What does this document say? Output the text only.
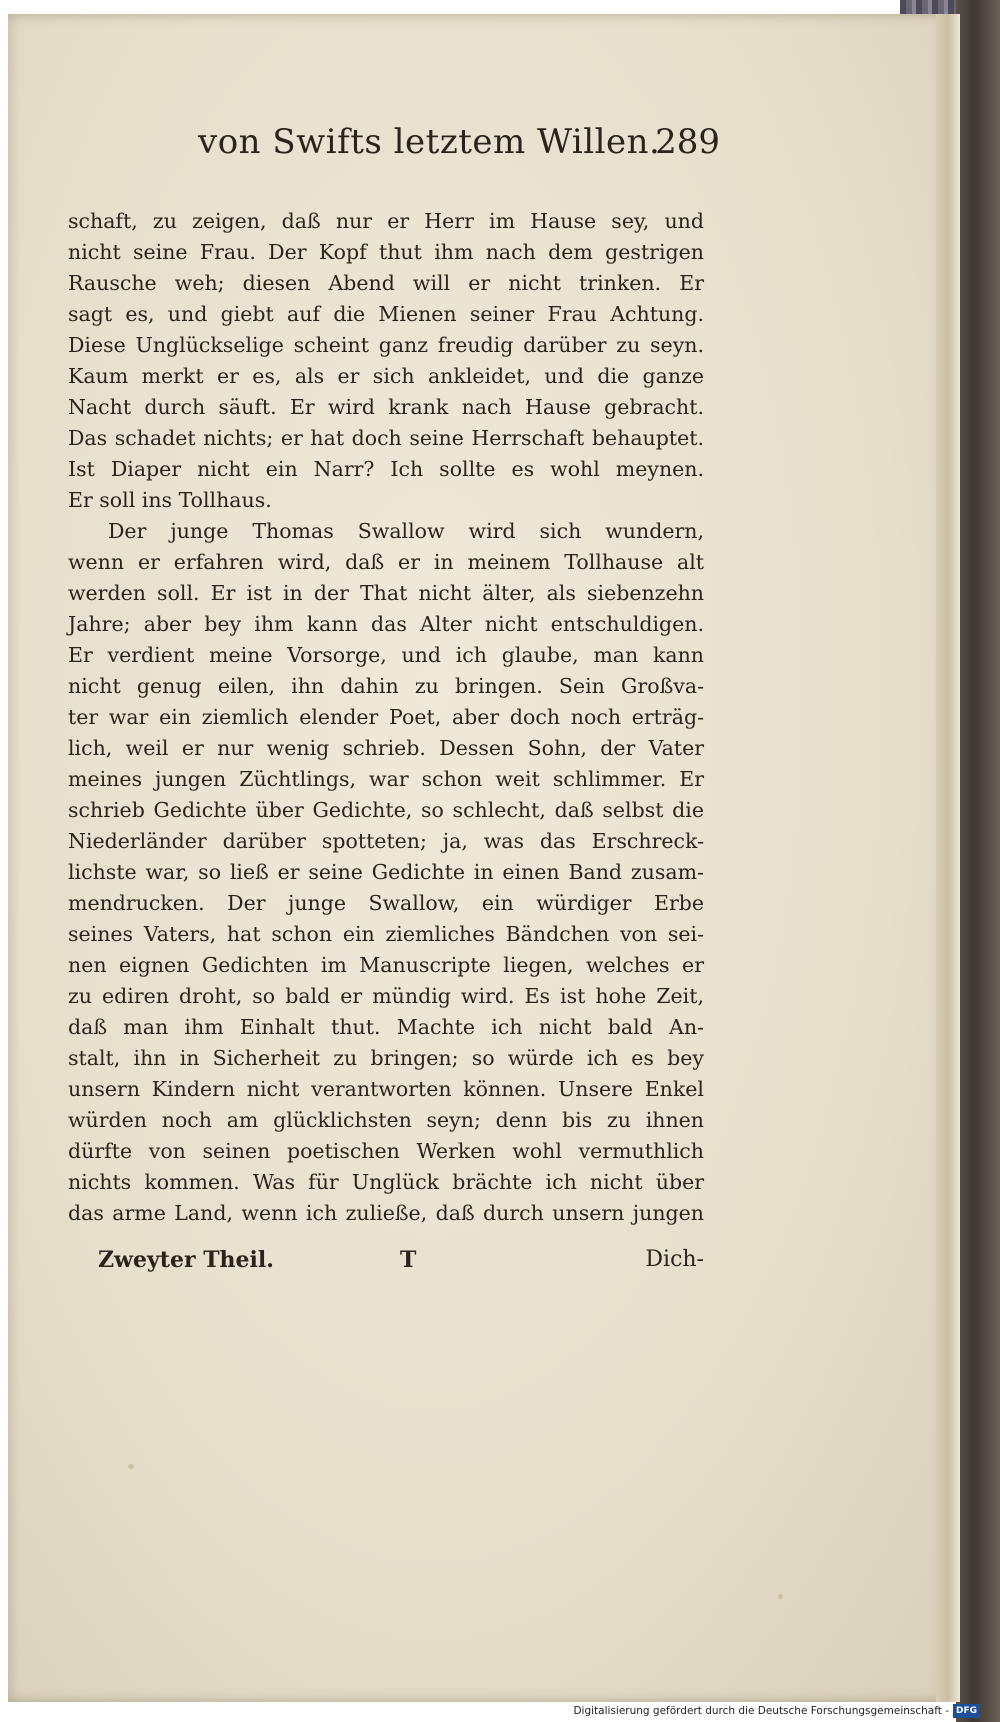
von Swifts letztem Willen.
289
schaft, zu zeigen, daß nur er Herr im Hause sey, und
nicht seine Frau. Der Kopf thut ihm nach dem gestrigen
Rausche weh; diesen Abend will er nicht trinken. Er
sagt es, und giebt auf die Mienen seiner Frau Achtung.
Diese Unglückselige scheint ganz freudig darüber zu seyn.
Kaum merkt er es, als er sich ankleidet, und die ganze
Nacht durch säuft. Er wird krank nach Hause gebracht.
Das schadet nichts; er hat doch seine Herrschaft behauptet.
Ist Diaper nicht ein Narr? Ich sollte es wohl meynen.
Er soll ins Tollhaus.
Der junge Thomas Swallow wird sich wundern,
wenn er erfahren wird, daß er in meinem Tollhause alt
werden soll. Er ist in der That nicht älter, als siebenzehn
Jahre; aber bey ihm kann das Alter nicht entschuldigen.
Er verdient meine Vorsorge, und ich glaube, man kann
nicht genug eilen, ihn dahin zu bringen. Sein Großva-
ter war ein ziemlich elender Poet, aber doch noch erträg-
lich, weil er nur wenig schrieb. Dessen Sohn, der Vater
meines jungen Züchtlings, war schon weit schlimmer. Er
schrieb Gedichte über Gedichte, so schlecht, daß selbst die
Niederländer darüber spotteten; ja, was das Erschreck-
lichste war, so ließ er seine Gedichte in einen Band zusam-
mendrucken. Der junge Swallow, ein würdiger Erbe
seines Vaters, hat schon ein ziemliches Bändchen von sei-
nen eignen Gedichten im Manuscripte liegen, welches er
zu ediren droht, so bald er mündig wird. Es ist hohe Zeit,
daß man ihm Einhalt thut. Machte ich nicht bald An-
stalt, ihn in Sicherheit zu bringen; so würde ich es bey
unsern Kindern nicht verantworten können. Unsere Enkel
würden noch am glücklichsten seyn; denn bis zu ihnen
dürfte von seinen poetischen Werken wohl vermuthlich
nichts kommen. Was für Unglück brächte ich nicht über
das arme Land, wenn ich zuließe, daß durch unsern jungen
Zweyter Theil.	T	Dich-
Digitalisierung gefördert durch die Deutsche Forschungsgemeinschaft - DFG
